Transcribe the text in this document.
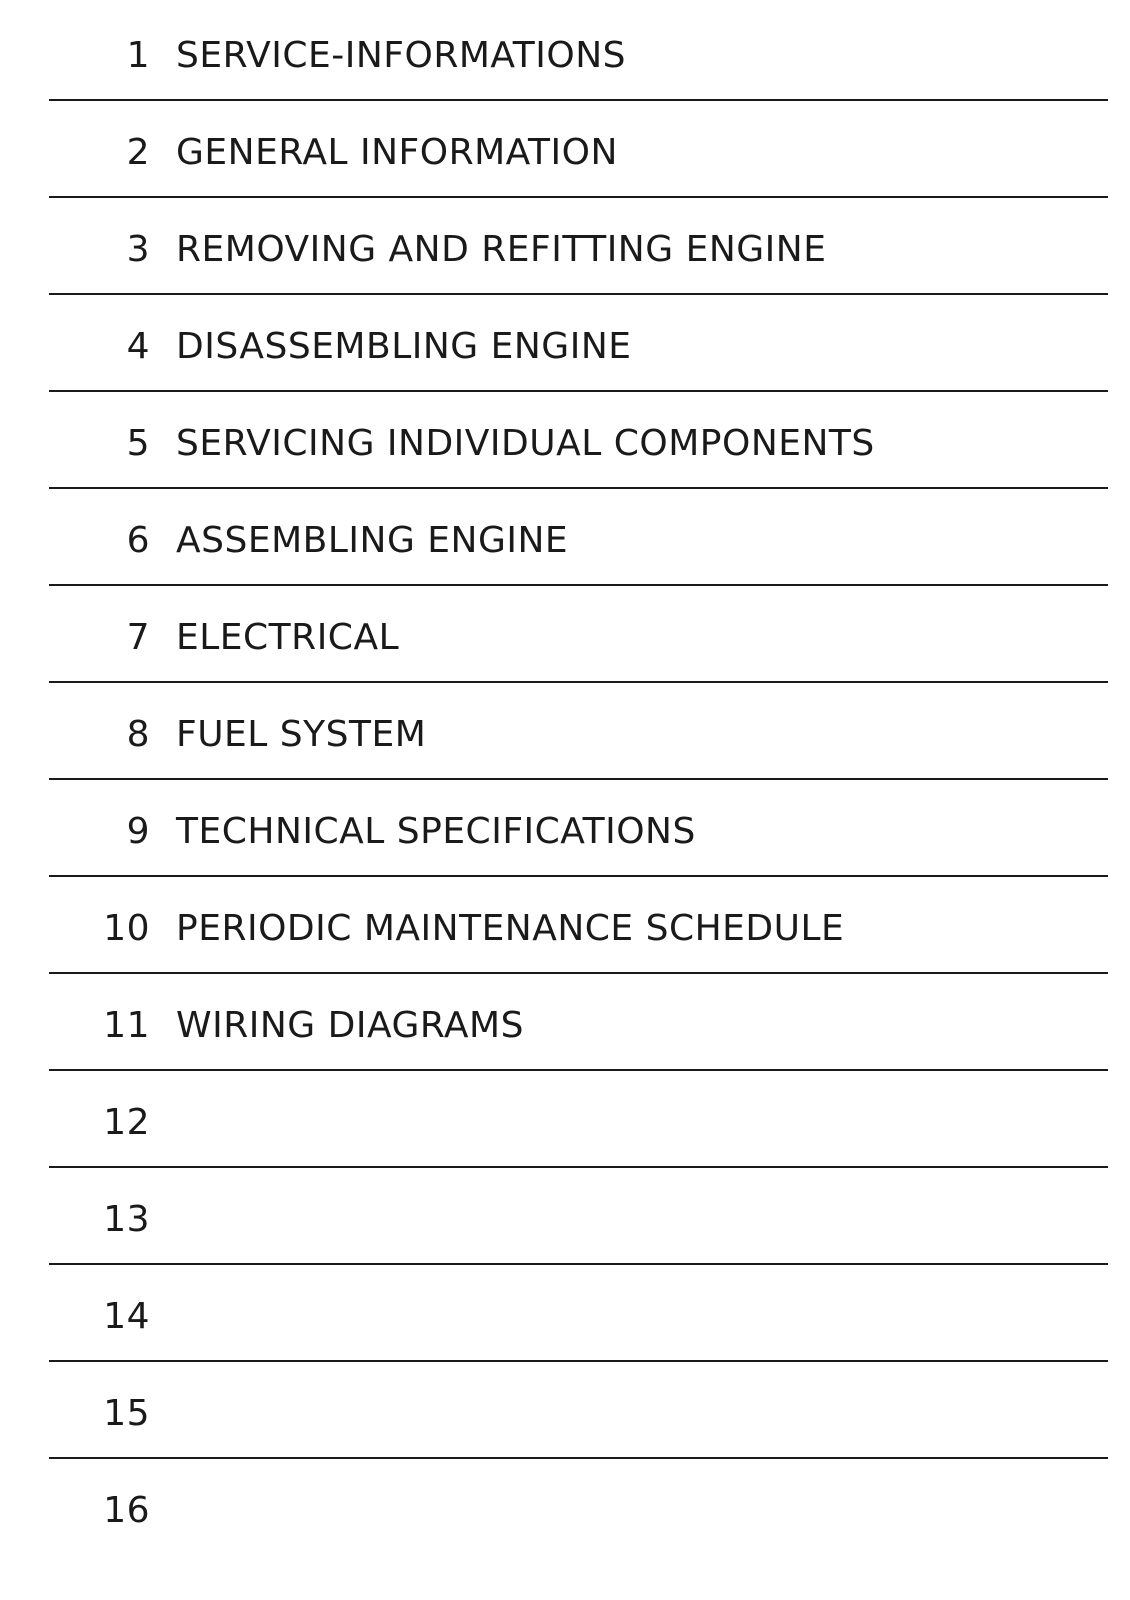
1 SERVICE-INFORMATIONS
2 GENERAL INFORMATION
3 REMOVING AND REFITTING ENGINE
4 DISASSEMBLING ENGINE
5 SERVICING INDIVIDUAL COMPONENTS
6 ASSEMBLING ENGINE
7 ELECTRICAL
8 FUEL SYSTEM
9 TECHNICAL SPECIFICATIONS
10 PERIODIC MAINTENANCE SCHEDULE
11 WIRING DIAGRAMS
12
13
14
15
16
